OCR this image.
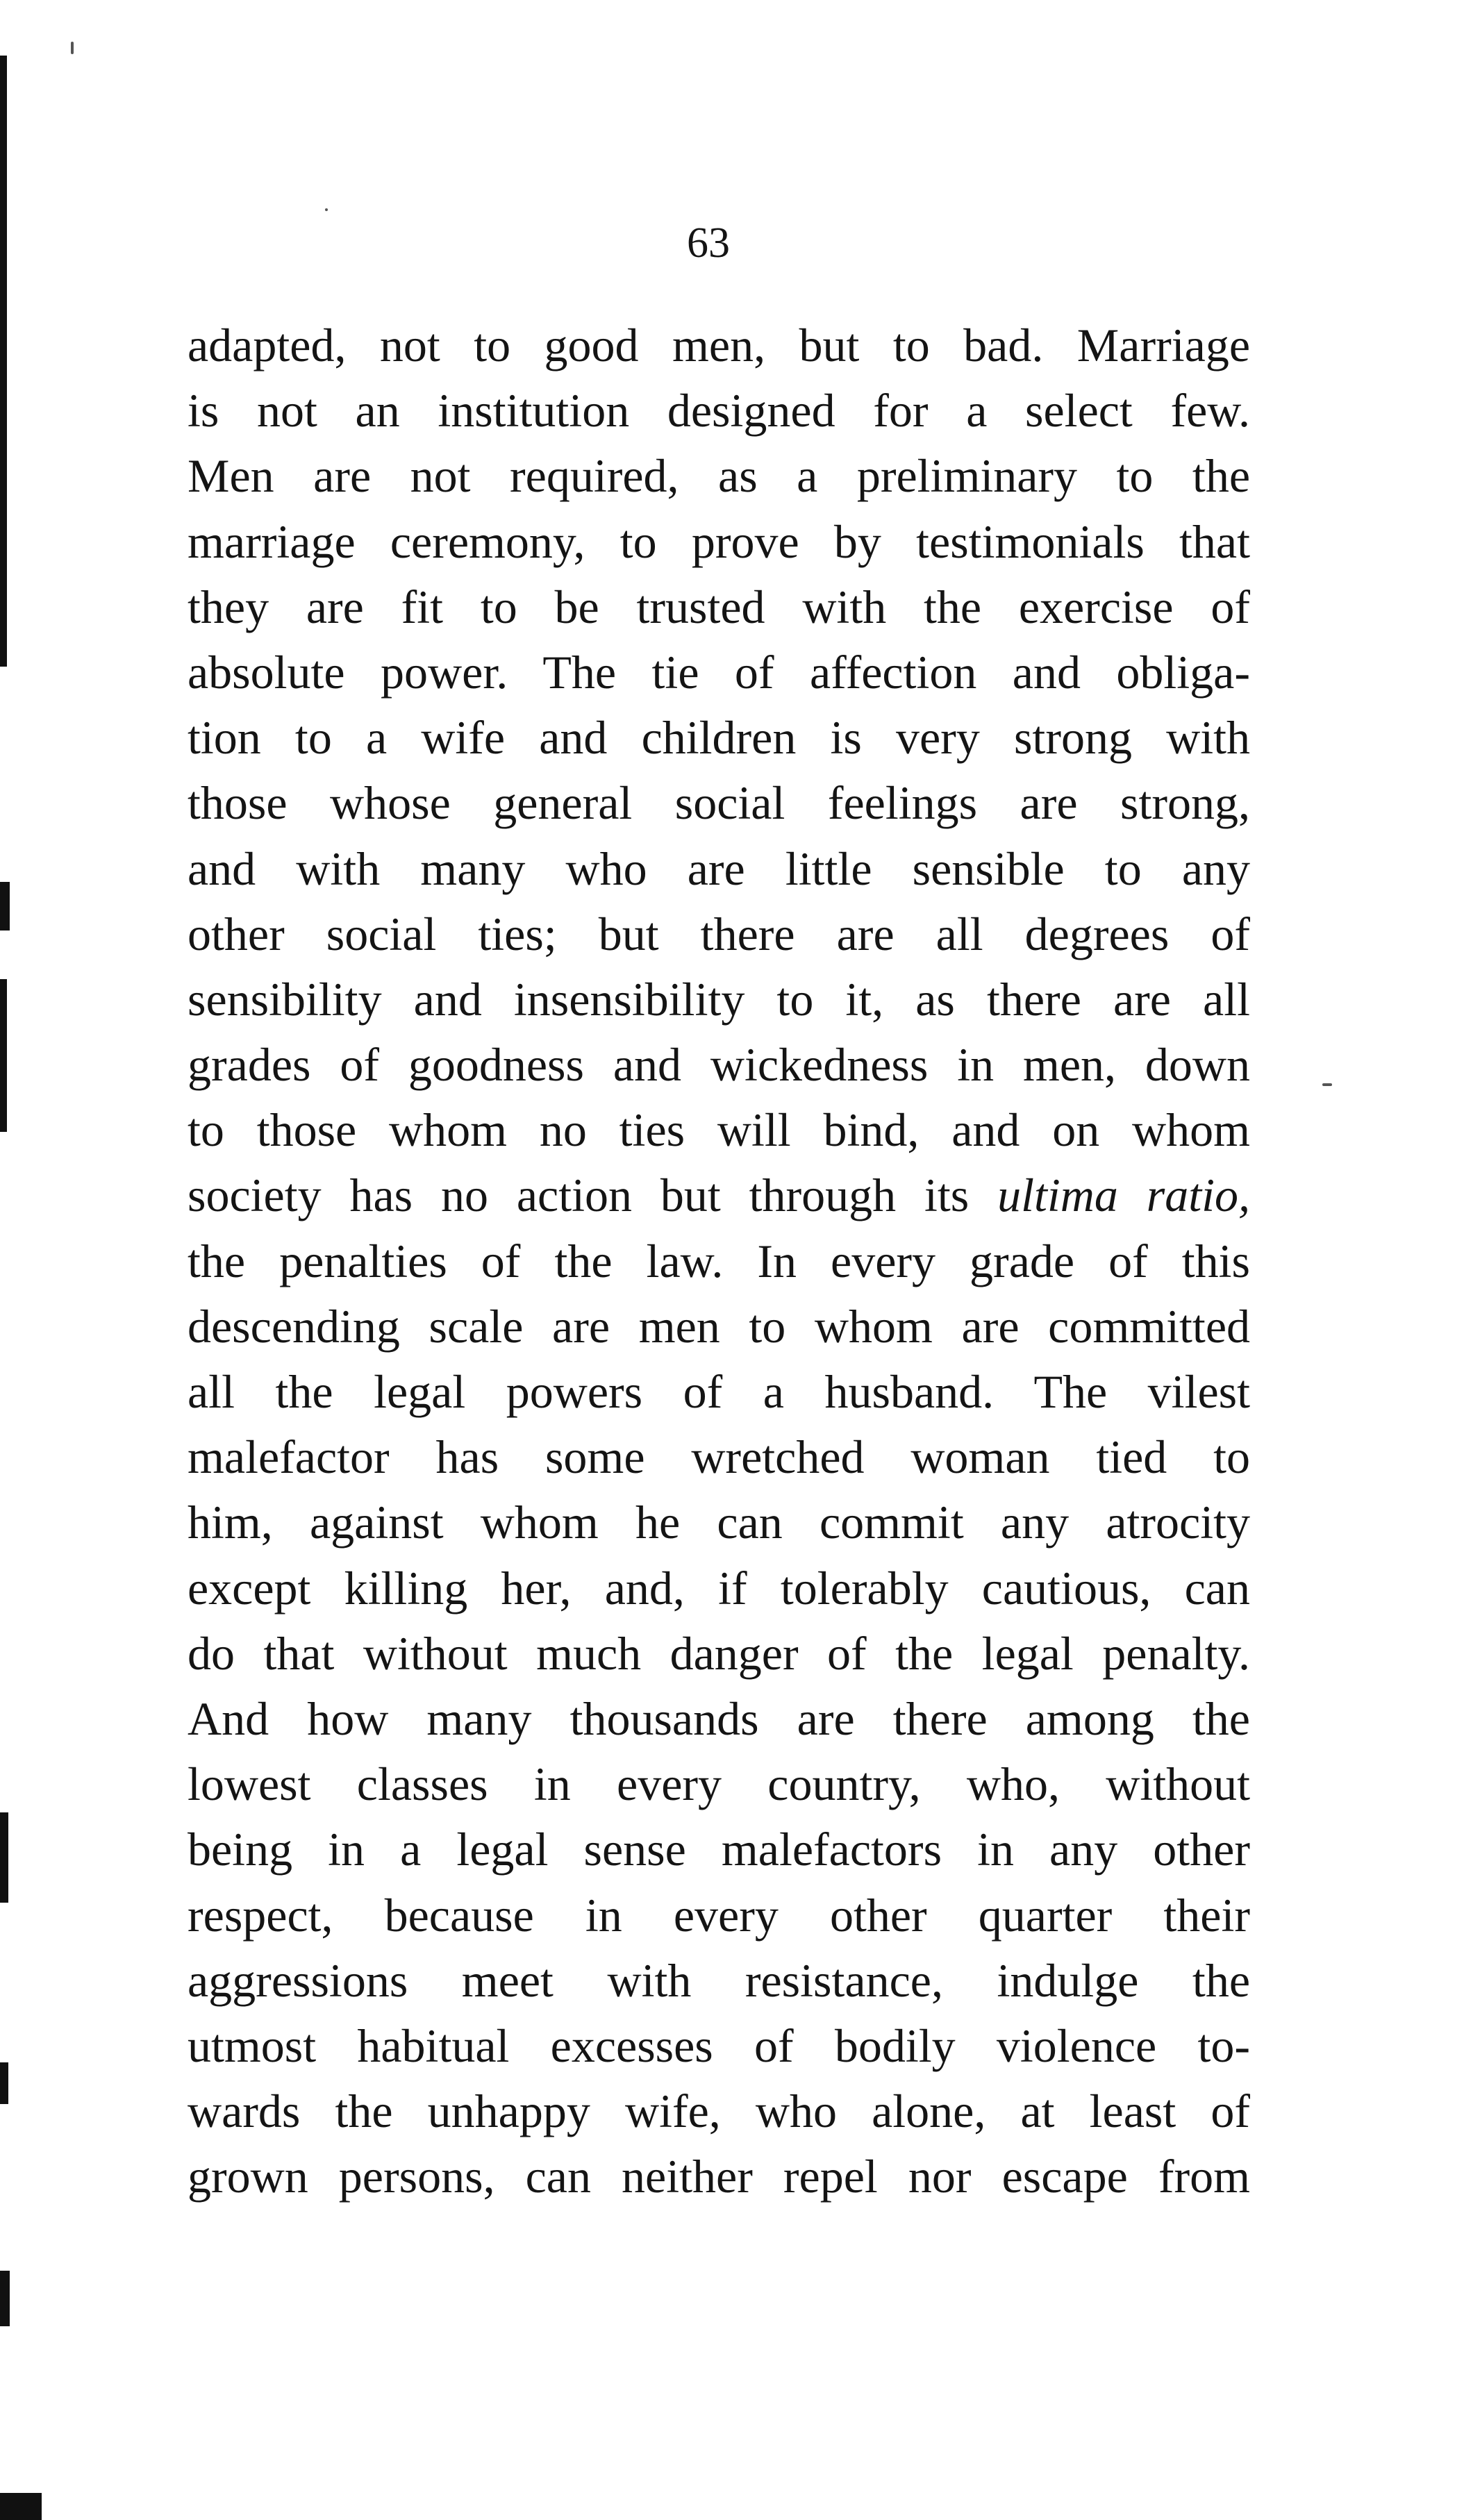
63
adapted, not to good men, but to bad. Marriage
is not an institution designed for a select few.
Men are not required, as a preliminary to the
marriage ceremony, to prove by testimonials that
they are fit to be trusted with the exercise of
absolute power. The tie of affection and obliga-
tion to a wife and children is very strong with
those whose general social feelings are strong,
and with many who are little sensible to any
other social ties; but there are all degrees of
sensibility and insensibility to it, as there are all
grades of goodness and wickedness in men, down
to those whom no ties will bind, and on whom
society has no action but through its ultima ratio,
the penalties of the law. In every grade of this
descending scale are men to whom are committed
all the legal powers of a husband. The vilest
malefactor has some wretched woman tied to
him, against whom he can commit any atrocity
except killing her, and, if tolerably cautious, can
do that without much danger of the legal penalty.
And how many thousands are there among the
lowest classes in every country, who, without
being in a legal sense malefactors in any other
respect, because in every other quarter their
aggressions meet with resistance, indulge the
utmost habitual excesses of bodily violence to-
wards the unhappy wife, who alone, at least of
grown persons, can neither repel nor escape from
